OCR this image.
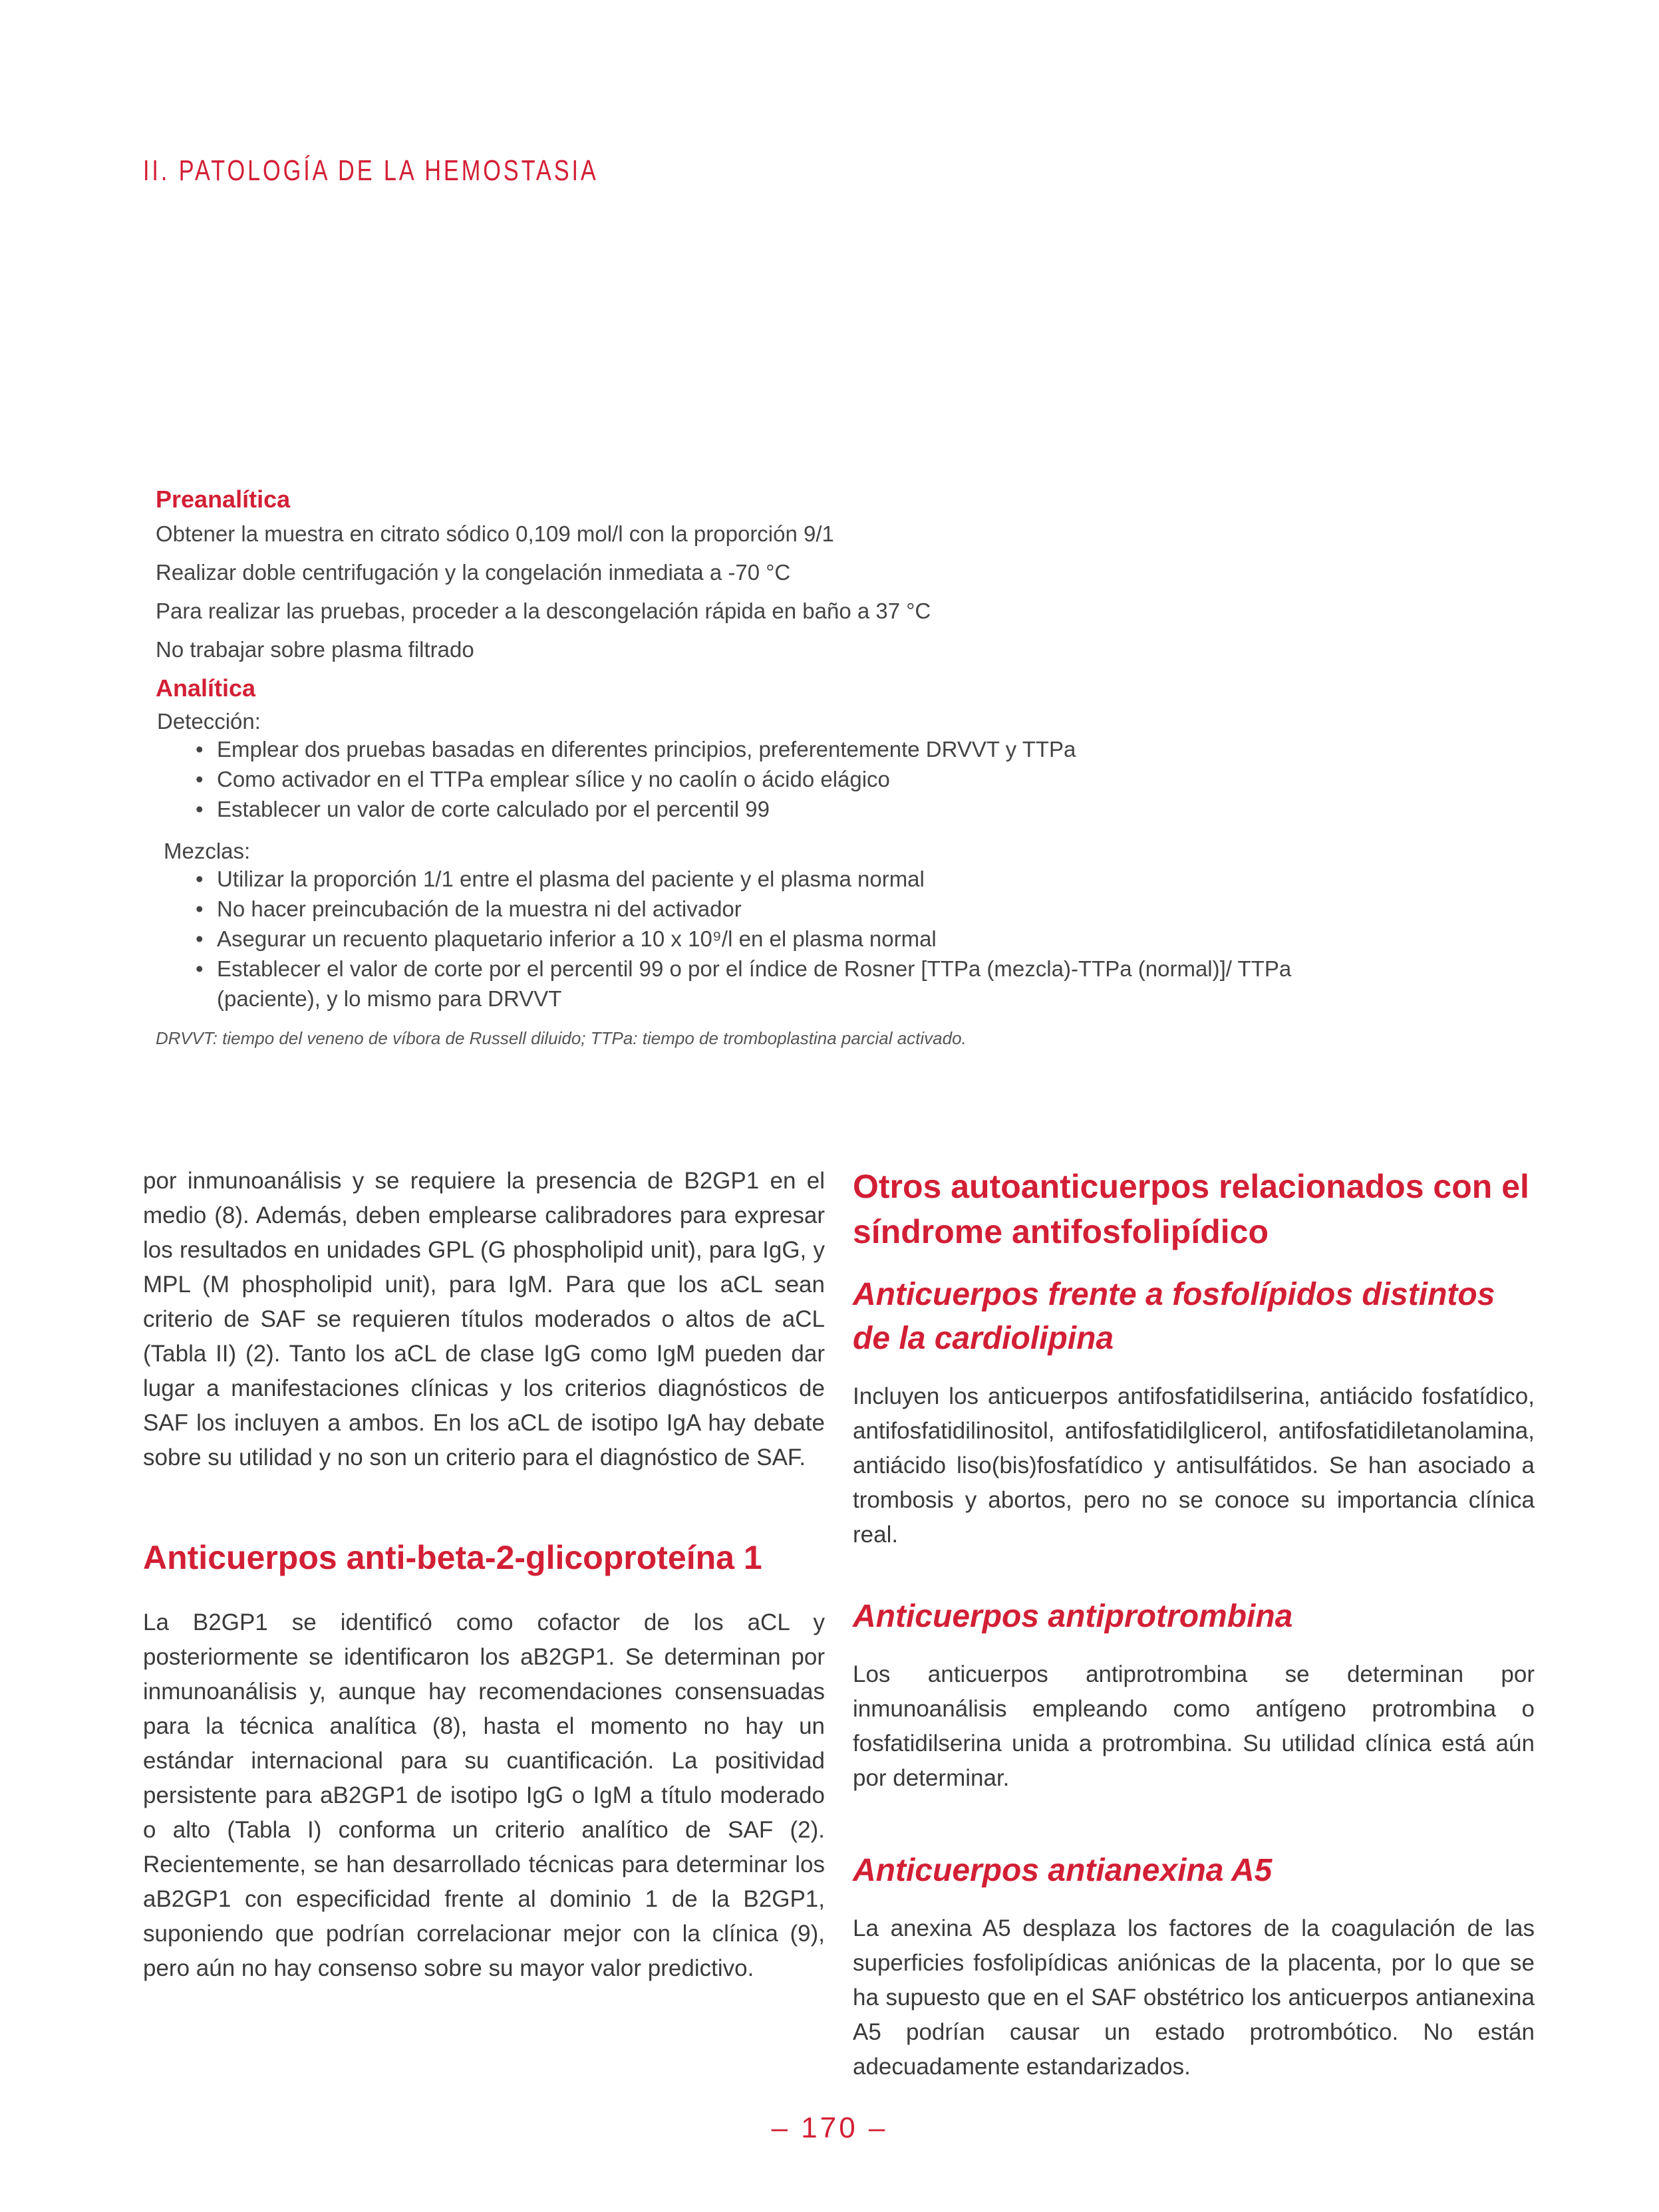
II. PATOLOGÍA DE LA HEMOSTASIA

Preanalítica

Obtener la muestra en citrato sódico 0,109 mol/l con la proporción 9/1

Realizar doble centrifugación y la congelación inmediata a -70 °C

Para realizar las pruebas, proceder a la descongelación rápida en baño a 37 °C

No trabajar sobre plasma filtrado

Analítica

Detección:

• Emplear dos pruebas basadas en diferentes principios, preferentemente DRVVT y TTPa
• Como activador en el TTPa emplear sílice y no caolín o ácido elágico
• Establecer un valor de corte calculado por el percentil 99

Mezclas:

• Utilizar la proporción 1/1 entre el plasma del paciente y el plasma normal
• No hacer preincubación de la muestra ni del activador
• Asegurar un recuento plaquetario inferior a 10 x 10⁹/l en el plasma normal
• Establecer el valor de corte por el percentil 99 o por el índice de Rosner [TTPa (mezcla)-TTPa (normal)]/ TTPa (paciente), y lo mismo para DRVVT

DRVVT: tiempo del veneno de víbora de Russell diluido; TTPa: tiempo de tromboplastina parcial activado.

por inmunoanálisis y se requiere la presencia de B2GP1 en el medio (8). Además, deben emplearse calibradores para expresar los resultados en unidades GPL (G phospholipid unit), para IgG, y MPL (M phospholipid unit), para IgM. Para que los aCL sean criterio de SAF se requieren títulos moderados o altos de aCL (Tabla II) (2). Tanto los aCL de clase IgG como IgM pueden dar lugar a manifestaciones clínicas y los criterios diagnósticos de SAF los incluyen a ambos. En los aCL de isotipo IgA hay debate sobre su utilidad y no son un criterio para el diagnóstico de SAF.

Anticuerpos anti-beta-2-glicoproteína 1

La B2GP1 se identificó como cofactor de los aCL y posteriormente se identificaron los aB2GP1. Se determinan por inmunoanálisis y, aunque hay recomendaciones consensuadas para la técnica analítica (8), hasta el momento no hay un estándar internacional para su cuantificación. La positividad persistente para aB2GP1 de isotipo IgG o IgM a título moderado o alto (Tabla I) conforma un criterio analítico de SAF (2). Recientemente, se han desarrollado técnicas para determinar los aB2GP1 con especificidad frente al dominio 1 de la B2GP1, suponiendo que podrían correlacionar mejor con la clínica (9), pero aún no hay consenso sobre su mayor valor predictivo.

Otros autoanticuerpos relacionados con el síndrome antifosfolipídico
Anticuerpos frente a fosfolípidos distintos de la cardiolipina

Incluyen los anticuerpos antifosfatidilserina, antiácido fosfatídico, antifosfatidilinositol, antifosfatidilglicerol, antifosfatidiletanolamina, antiácido liso(bis)fosfatídico y antisulfátidos. Se han asociado a trombosis y abortos, pero no se conoce su importancia clínica real.

Anticuerpos antiprotrombina

Los anticuerpos antiprotrombina se determinan por inmunoanálisis empleando como antígeno protrombina o fosfatidilserina unida a protrombina. Su utilidad clínica está aún por determinar.

Anticuerpos antianexina A5

La anexina A5 desplaza los factores de la coagulación de las superficies fosfolipídicas aniónicas de la placenta, por lo que se ha supuesto que en el SAF obstétrico los anticuerpos antianexina A5 podrían causar un estado protrombótico. No están adecuadamente estandarizados.

– 170 –
